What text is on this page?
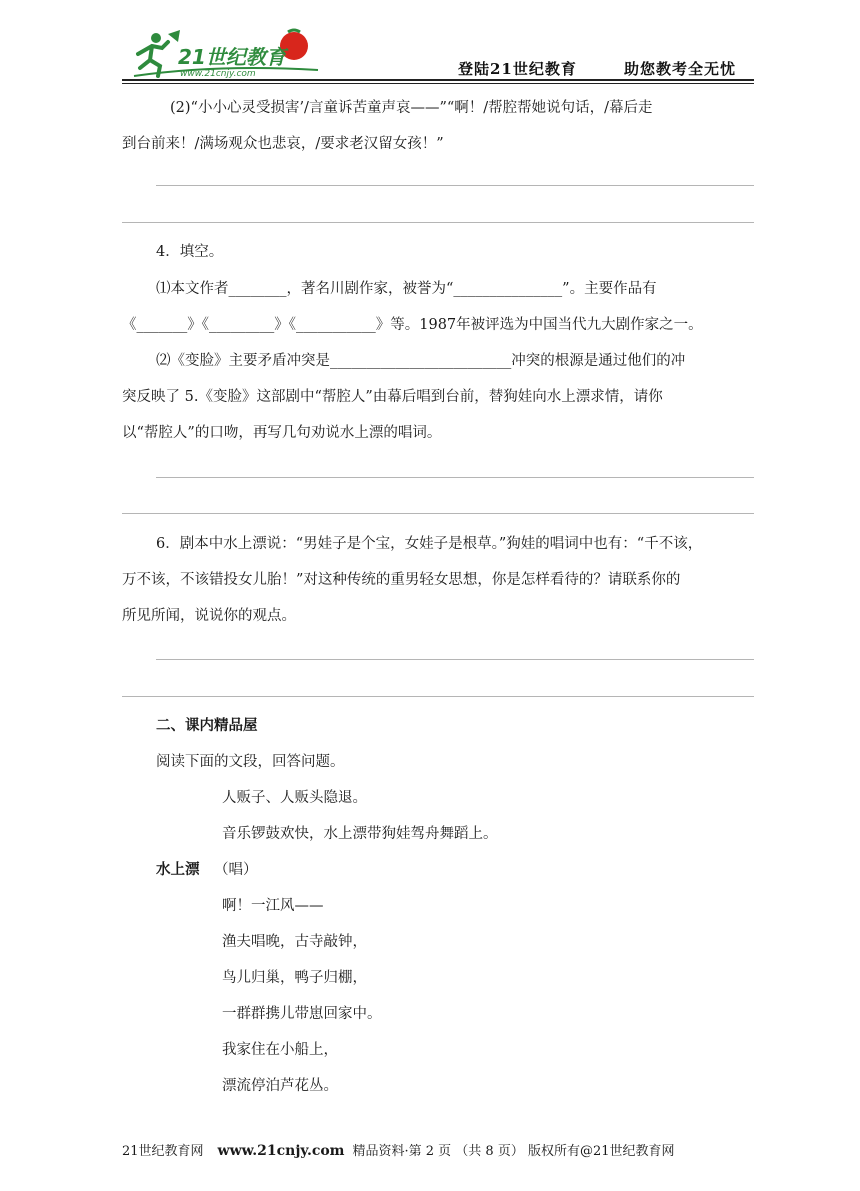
21世纪教育
www.21cnjy.com	登陆21世纪教育	助您教考全无忧
(2)“小小心灵受损害’/言童诉苦童声哀——”“啊！/帮腔帮她说句话，/幕后走
到台前来！/满场观众也悲哀，/要求老汉留女孩！”
4．填空。
⑴本文作者________，著名川剧作家，被誉为“_______________”。主要作品有
《_______》《_________》《___________》等。1987年被评选为中国当代九大剧作家之一。
⑵《变脸》主要矛盾冲突是_________________________冲突的根源是通过他们的冲
突反映了 5.《变脸》这部剧中“帮腔人”由幕后唱到台前，替狗娃向水上漂求情，请你
以“帮腔人”的口吻，再写几句劝说水上漂的唱词。
6．剧本中水上漂说：“男娃子是个宝，女娃子是根草。”狗娃的唱词中也有：“千不该，
万不该，不该错投女儿胎！”对这种传统的重男轻女思想，你是怎样看待的？请联系你的
所见所闻，说说你的观点。
二、课内精品屋
阅读下面的文段，回答问题。
人贩子、人贩头隐退。
音乐锣鼓欢快，水上漂带狗娃驾舟舞蹈上。
水上漂 （唱）
啊！一江风——
渔夫唱晚，古寺敲钟，
鸟儿归巢，鸭子归棚，
一群群携儿带崽回家中。
我家住在小船上，
漂流停泊芦花丛。
21世纪教育网 www.21cnjy.com 精品资料·第 2 页 （共 8 页） 版权所有@21世纪教育网
